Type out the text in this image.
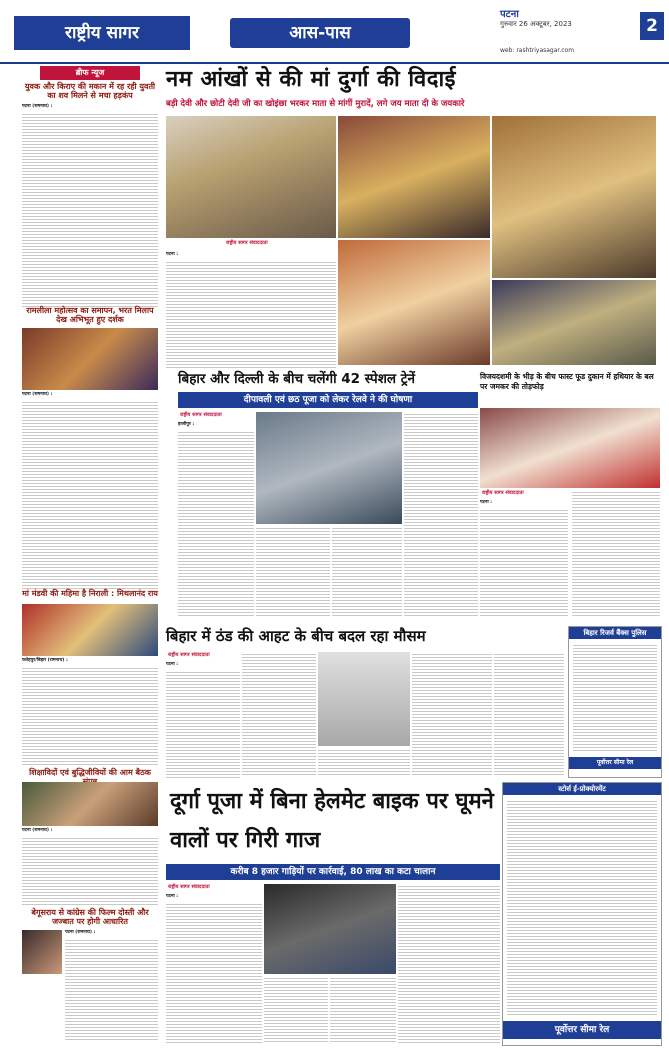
राष्ट्रीय सागर	आस-पास
पटना
गुरुवार 26 अक्टूबर, 2023
web: rashtriyasagar.com
2
ब्रीफ न्यूज
युवक और किराए की मकान में रह रही युवती का शव मिलने से मचा हड़कंप
पटना (रामनाथ) :
रामलीला महोत्सव का समापन, भरत मिलाप देख अभिभूत हुए दर्शक
पटना (रामनाथ) :
मां मंडवी की महिमा है निराली : मिथलानंद राय
फतेहपुर/बिहार (रामनाथ) :
शिक्षाविदों एवं बुद्धिजीवियों की आम बैठक
पटना (रामनाथ) :
बेगूसराय से कांग्रेस की फिल्म दोस्ती और जज्बात पर होगी आधारित
पटना (रामनाथ) :
नम आंखों से की मां दुर्गा की विदाई
बड़ी देवी और छोटी देवी जी का खोइंछा भरकर माता से मांगीं मुरादें, लगे जय माता दी के जयकारे
राष्ट्रीय सागर संवाददाता
पटना :
बिहार और दिल्ली के बीच चलेंगी 42 स्पेशल ट्रेनें
दीपावली एवं छठ पूजा को लेकर रेलवे ने की घोषणा
राष्ट्रीय सागर संवाददाता
हाजीपुर :
विजयदशमी के भीड़ के बीच फास्ट फूड दुकान में हथियार के बल पर जमकर की तोड़फोड़
राष्ट्रीय सागर संवाददाता
पटना :
बिहार में ठंड की आहट के बीच बदल रहा मौसम
राष्ट्रीय सागर संवाददाता
पटना :
बिहार रिजर्व बैंक्स पुलिस
पूर्वोत्तर सीमा रेल
दूर्गा पूजा में बिना हेलमेट बाइक पर घूमने वालों पर गिरी गाज
करीब 8 हजार गाड़ियों पर कार्रवाई, 80 लाख का कटा चालान
राष्ट्रीय सागर संवाददाता
पटना :
स्टोर्स ई-प्रोक्योरमेंट
पूर्वोत्तर सीमा रेल
